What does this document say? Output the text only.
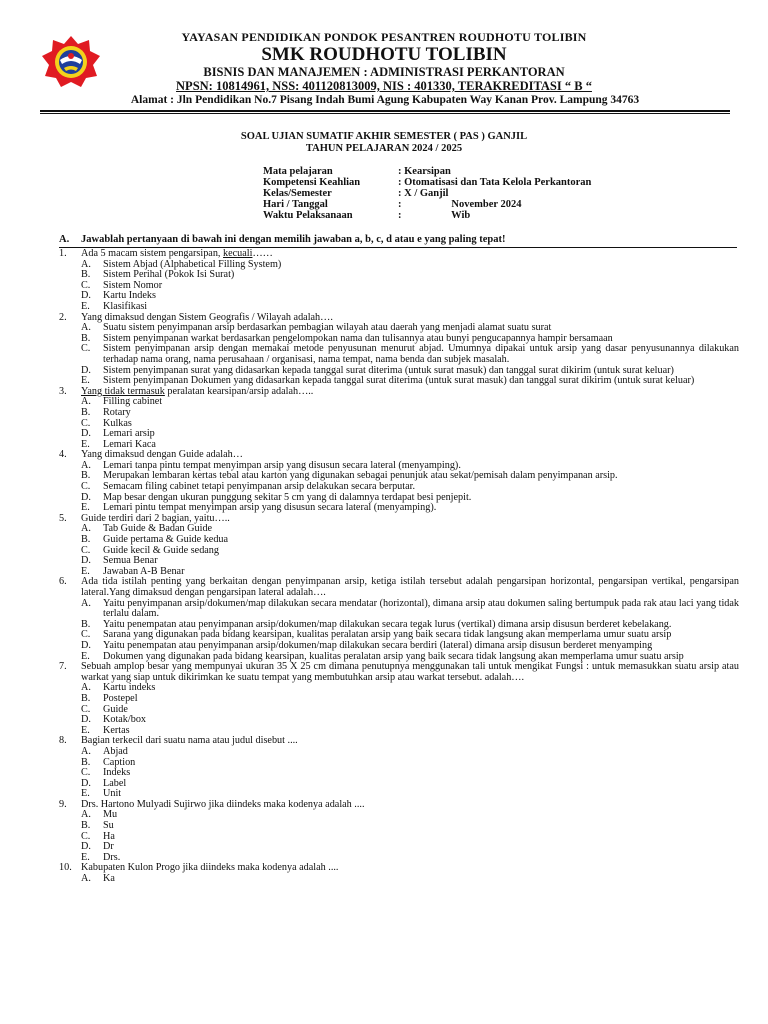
YAYASAN PENDIDIKAN PONDOK PESANTREN ROUDHOTU TOLIBIN
SMK ROUDHOTU TOLIBIN
BISNIS DAN MANAJEMEN : ADMINISTRASI PERKANTORAN
NPSN: 10814961, NSS: 401120813009, NIS : 401330, TERAKREDITASI “ B “
Alamat : Jln Pendidikan No.7 Pisang Indah Bumi Agung Kabupaten Way Kanan Prov. Lampung 34763
SOAL UJIAN SUMATIF AKHIR SEMESTER ( PAS ) GANJIL
TAHUN PELAJARAN 2024 / 2025
Mata pelajaran	: Kearsipan
Kompetensi Keahlian	: Otomatisasi dan Tata Kelola Perkantoran
Kelas/Semester	: X / Ganjil
Hari / Tanggal	:                   November 2024
Waktu Pelaksanaan	:                   Wib
A. Jawablah pertanyaan di bawah ini dengan memilih jawaban a, b, c, d atau e yang paling tepat!

1.	Ada 5 macam sistem pengarsipan, kecuali……
A. Sistem Abjad (Alphabetical Filling System)
B. Sistem Perihal (Pokok Isi Surat)
C. Sistem Nomor
D. Kartu Indeks
E. Klasifikasi
2.	Yang dimaksud dengan Sistem Geografis / Wilayah adalah….
A. Suatu sistem penyimpanan arsip berdasarkan pembagian wilayah atau daerah yang menjadi alamat suatu surat
B. Sistem penyimpanan warkat berdasarkan pengelompokan nama dan tulisannya atau bunyi pengucapannya hampir bersamaan
C. Sistem penyimpanan arsip dengan memakai metode penyusunan menurut abjad. Umumnya dipakai untuk arsip yang dasar penyusunannya dilakukan terhadap nama orang, nama perusahaan / organisasi, nama tempat, nama benda dan subjek masalah.
D. Sistem penyimpanan surat yang didasarkan kepada tanggal surat diterima (untuk surat masuk) dan tanggal surat dikirim (untuk surat keluar)
E. Sistem penyimpanan Dokumen yang didasarkan kepada tanggal surat diterima (untuk surat masuk) dan tanggal surat dikirim (untuk surat keluar)
3.	Yang tidak termasuk peralatan kearsipan/arsip adalah…..
A. Filling cabinet
B. Rotary
C. Kulkas
D. Lemari arsip
E. Lemari Kaca
4.	Yang dimaksud dengan Guide adalah…
A. Lemari tanpa pintu tempat menyimpan arsip yang disusun secara lateral (menyamping).
B. Merupakan lembaran kertas tebal atau karton yang digunakan sebagai penunjuk atau sekat/pemisah dalam penyimpanan arsip.
C. Semacam filing cabinet tetapi penyimpanan arsip delakukan secara berputar.
D. Map besar dengan ukuran punggung sekitar 5 cm yang di dalamnya terdapat besi penjepit.
E. Lemari pintu tempat menyimpan arsip yang disusun secara lateral (menyamping).
5.	Guide terdiri dari 2 bagian, yaitu…..
A. Tab Guide & Badan Guide
B. Guide pertama & Guide kedua
C. Guide kecil & Guide sedang
D. Semua Benar
E. Jawaban A-B Benar
6.	Ada tida istilah penting yang berkaitan dengan penyimpanan arsip, ketiga istilah tersebut adalah pengarsipan horizontal, pengarsipan vertikal, pengarsipan lateral.Yang dimaksud dengan pengarsipan lateral adalah….
A. Yaitu penyimpanan arsip/dokumen/map dilakukan secara mendatar (horizontal), dimana arsip atau dokumen saling bertumpuk pada rak atau laci yang tidak terlalu dalam.
B. Yaitu penempatan atau penyimpanan arsip/dokumen/map dilakukan secara tegak lurus (vertikal) dimana arsip disusun berderet kebelakang.
C. Sarana yang digunakan pada bidang kearsipan, kualitas peralatan arsip yang baik secara tidak langsung akan memperlama umur suatu arsip
D. Yaitu penempatan atau penyimpanan arsip/dokumen/map dilakukan secara berdiri (lateral) dimana arsip disusun berderet menyamping
E. Dokumen yang digunakan pada bidang kearsipan, kualitas peralatan arsip yang baik secara tidak langsung akan memperlama umur suatu arsip
7.	Sebuah amplop besar yang mempunyai ukuran 35 X 25 cm dimana penutupnya menggunakan tali untuk mengikat Fungsi : untuk memasukkan suatu arsip atau warkat yang siap untuk dikirimkan ke suatu tempat yang membutuhkan arsip atau warkat tersebut. adalah….
A. Kartu indeks
B. Postepel
C. Guide
D. Kotak/box
E. Kertas
8.	Bagian terkecil dari suatu nama atau judul disebut ....
A. Abjad
B. Caption
C. Indeks
D. Label
E. Unit
9.	Drs. Hartono Mulyadi Sujirwo jika diindeks maka kodenya adalah ....
A. Mu
B. Su
C. Ha
D. Dr
E. Drs.
10. Kabupaten Kulon Progo jika diindeks maka kodenya adalah ....
A. Ka
